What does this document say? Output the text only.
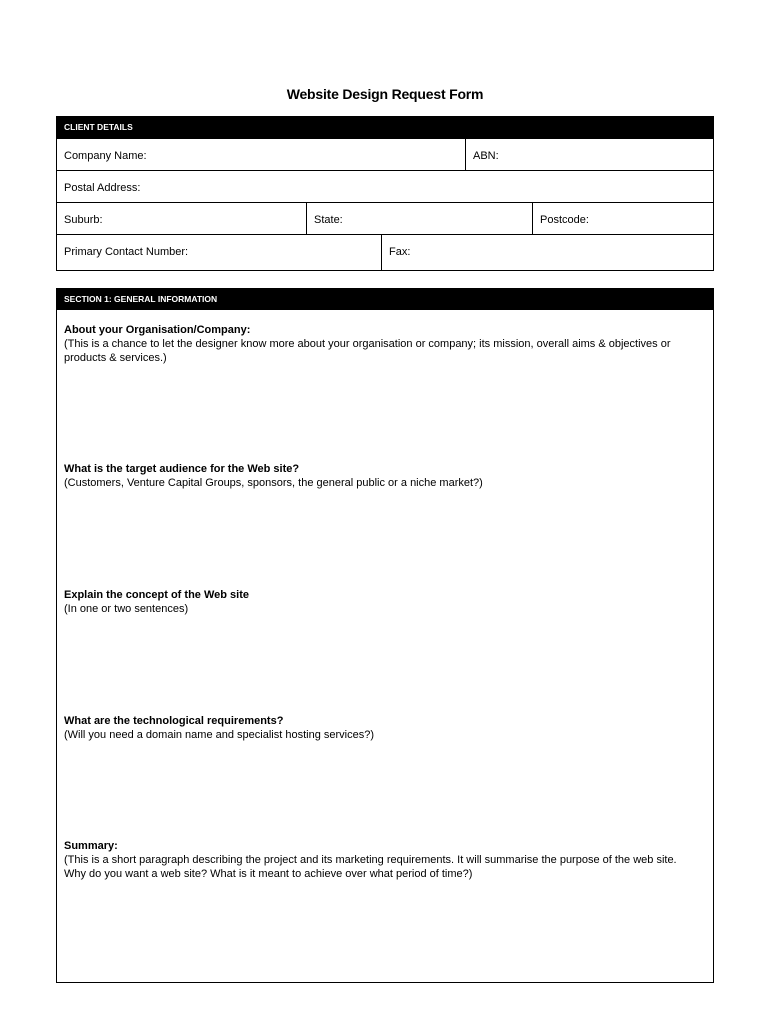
Website Design Request Form
CLIENT DETAILS
Company Name:	ABN:
Postal Address:
Suburb:	State:	Postcode:
Primary Contact Number:	Fax:
SECTION 1: GENERAL INFORMATION
About your Organisation/Company:
(This is a chance to let the designer know more about your organisation or company; its mission, overall aims & objectives or products & services.)
What is the target audience for the Web site?
(Customers, Venture Capital Groups, sponsors, the general public or a niche market?)
Explain the concept of the Web site
(In one or two sentences)
What are the technological requirements?
(Will you need a domain name and specialist hosting services?)
Summary:
(This is a short paragraph describing the project and its marketing requirements. It will summarise the purpose of the web site. Why do you want a web site? What is it meant to achieve over what period of time?)
